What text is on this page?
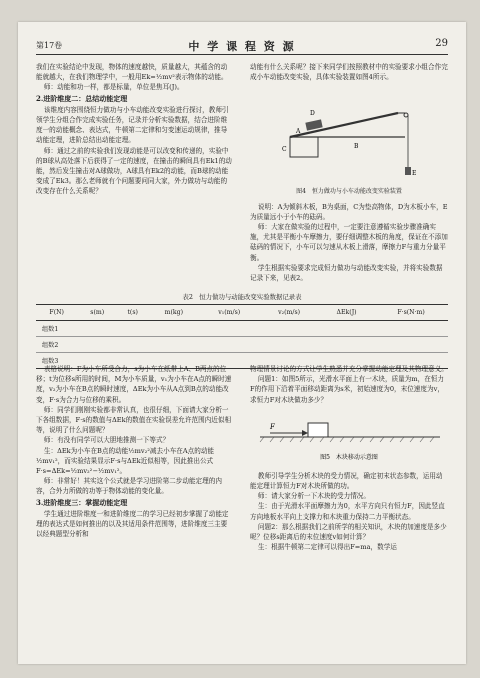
第17卷	中 学 课 程 资 源	29

我们在实验结论中发现，物体的速度越快，质量越大，其蕴含的动能就越大，在我们物理学中，一般用Ek=½mv²表示物体的动能。

师：动能和功一样，都是标量，单位是焦耳(J)。

2.进阶维度二：总结动能定理

该维度内容围绕恒力做功与小车动能改变实验进行探讨，教师引领学生分组合作完成实验任务，记录并分析实验数据，结合进阶维度一的动能概念、表达式，牛顿第二定律和匀变速运动规律，推导动能定理，进阶总结出动能定理。

师：通过之前的实验我们发现动能是可以改变和传递的，实验中的B球从高处落下后获得了一定的速度，在撞击的瞬间具有Ek1的动能，然后发生撞击对A球做功，A球具有Ek2的动能，而B球的动能变成了Ek3。那么老师就有个问题要问同大家，外力做功与动能的改变存在什么关系呢？

动能有什么关系呢？接下来同学们按照教材中的实验要求小组合作完成小车动能改变实验，具体实验装置如图4所示。

A
B
C
D
E
图4　恒力做功与小车动能改变实验装置

说明：A为倾斜木板，B为桌面，C为垫高物体，D为木板小车，E为质量远小于小车的砝码。

师：大家在做实验的过程中，一定要注意遵循实验步骤准确实施，尤其是平衡小车摩擦力，要仔细调整木板的角度，保证在不添加砝码的情况下，小车可以匀速从木板上滑落，摩擦力F与重力分量平衡。

学生根据实验要求完成恒力做功与动能改变实验，并将实验数据记录下来，见表2。

表2　恒力做功与动能改变实验数据记录表
F(N)	s(m)	t(s)	m(kg)	v₁(m/s)	v₂(m/s)	ΔEk(J)	F·s(N·m)
组数1
组数2
组数3

表格说明：F为小车所受合力，s为小车在纸带上A、B两点的位移；t为位移s所用的时间，M为小车质量，v₁为小车在A点的瞬时速度，v₂为小车在B点的瞬时速度，ΔEk为小车从A点到B点的动能改变，F·s为合力与位移的乘积。

师：同学们刚刚实验都非常认真，也很仔细，下面请大家分析一下各组数据，F·s的数值与ΔEk的数值在实验误差允许范围内近似相等，说明了什么问题呢？

师：有没有同学可以大胆地推测一下等式？

生：ΔEk为小车在B点的动能½mv₂²减去小车在A点的动能½mv₁²，而实验结果显示F·s与ΔEk近似相等，因此推出公式F·s=ΔEk=½mv₂²−½mv₁²。

师：非常好！其实这个公式就是学习进阶第二步动能定理的内容，合外力所做的功等于物体动能的变化量。

3.进阶维度三：掌握动能定理

学生通过进阶维度一和进阶维度二的学习已经初步掌握了动能定理的表达式是如何推出的以及其适用条件范围等，进阶维度三主要以经典题型分析和

物理情景讨论的方式让学生熟悉并充分掌握动能定理及其物理意义。

问题1：如图5所示，光滑水平面上有一木块，质量为m，在恒力F的作用下沿着平面移动距离为s米，初始速度为0，末位速度为v，求恒力F对木块做功多少？

F
图5　木块移动示意图

教师引导学生分析木块的受力情况，确定初末状态参数，运用动能定理计算恒力F对木块所做的功。

师：请大家分析一下木块的受力情况。

生：由于光滑水平面摩擦力为0，水平方向只有恒力F，因此竖直方向地板水平向上支撑力和木块重力保持二力平衡状态。

问题2：那么根据我们之前所学的相关知识，木块的加速度是多少呢？位移s距离后的末位速度v如何计算？

生：根据牛顿第二定律可以得出F=ma，数学运
